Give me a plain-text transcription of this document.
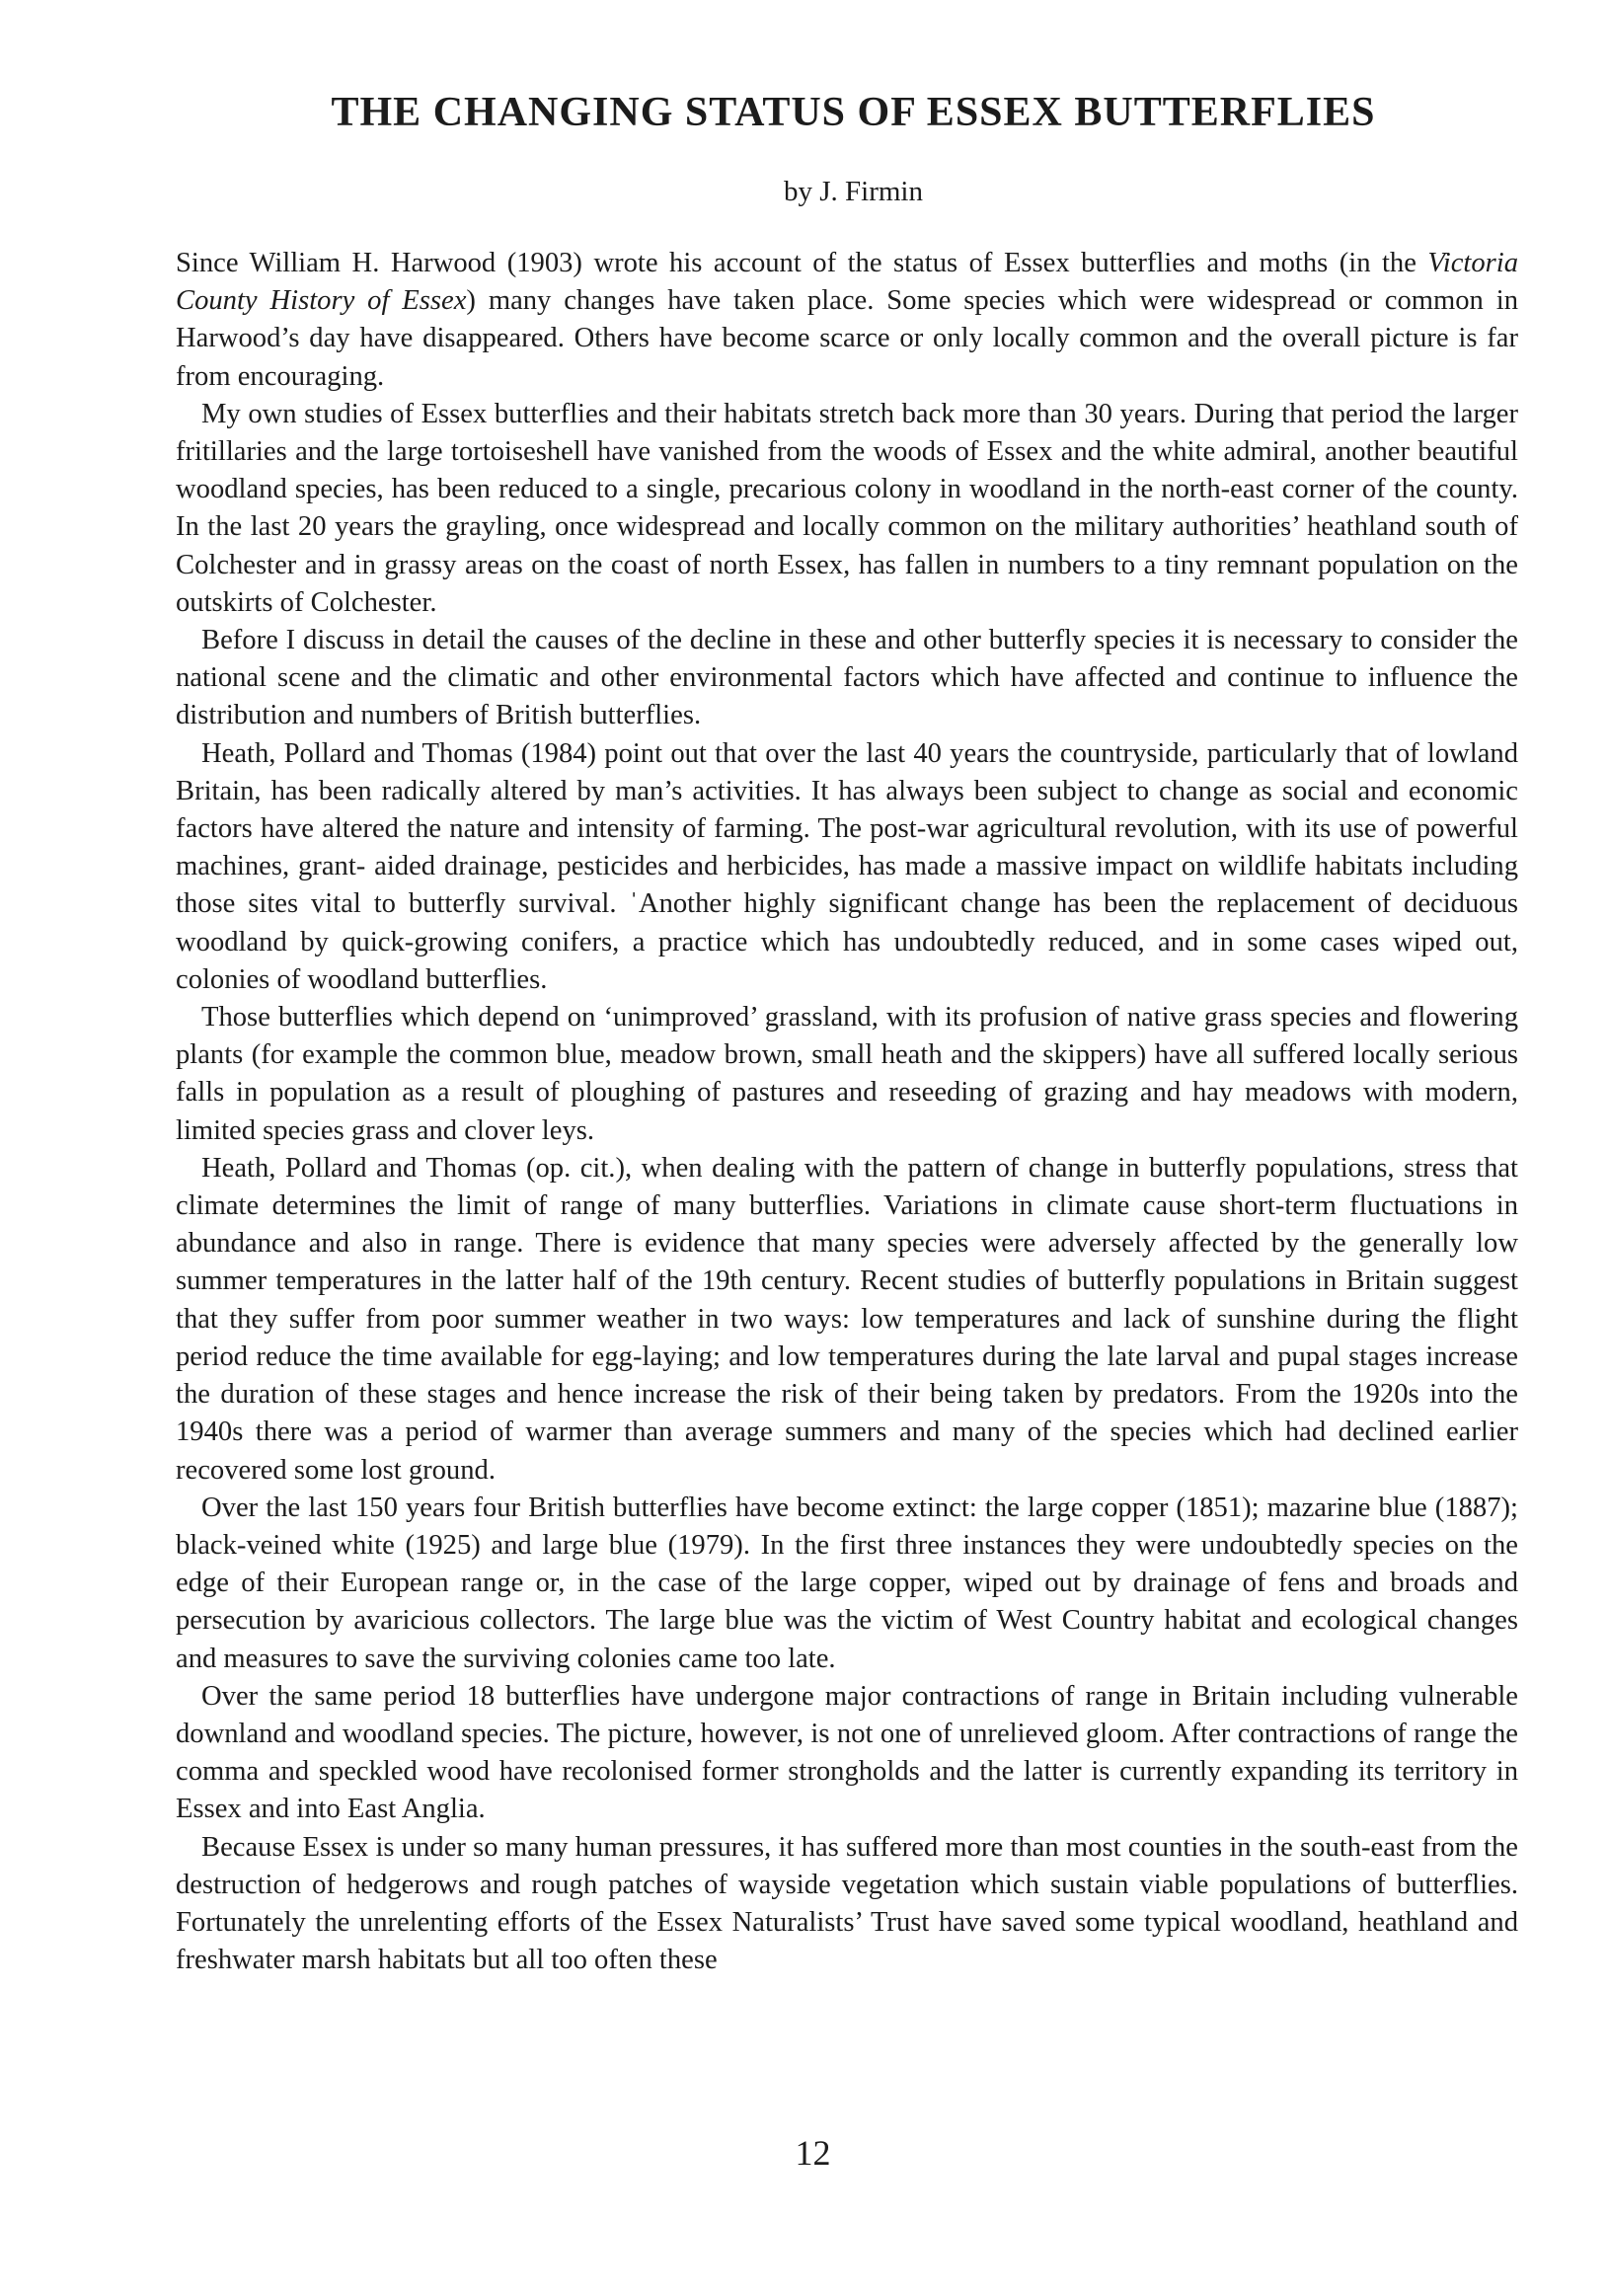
THE CHANGING STATUS OF ESSEX BUTTERFLIES
by J. Firmin

Since William H. Harwood (1903) wrote his account of the status of Essex butterflies and moths (in the Victoria County History of Essex) many changes have taken place. Some species which were widespread or common in Harwood’s day have disappeared. Others have become scarce or only locally common and the overall picture is far from encouraging.

My own studies of Essex butterflies and their habitats stretch back more than 30 years. During that period the larger fritillaries and the large tortoiseshell have vanished from the woods of Essex and the white admiral, another beautiful woodland species, has been reduced to a single, precarious colony in woodland in the north-east corner of the county. In the last 20 years the grayling, once widespread and locally common on the military authorities’ heathland south of Colchester and in grassy areas on the coast of north Essex, has fallen in numbers to a tiny remnant population on the outskirts of Colchester.

Before I discuss in detail the causes of the decline in these and other butterfly species it is necessary to consider the national scene and the climatic and other environmental factors which have affected and continue to influence the distribution and numbers of British butterflies.

Heath, Pollard and Thomas (1984) point out that over the last 40 years the countryside, particularly that of lowland Britain, has been radically altered by man’s activities. It has always been subject to change as social and economic factors have altered the nature and intensity of farming. The post-war agricultural revolution, with its use of powerful machines, grant- aided drainage, pesticides and herbicides, has made a massive impact on wildlife habitats including those sites vital to butterfly survival. ˈAnother highly significant change has been the replacement of deciduous woodland by quick-growing conifers, a practice which has undoubtedly reduced, and in some cases wiped out, colonies of woodland butterflies.

Those butterflies which depend on ‘unimproved’ grassland, with its profusion of native grass species and flowering plants (for example the common blue, meadow brown, small heath and the skippers) have all suffered locally serious falls in population as a result of ploughing of pastures and reseeding of grazing and hay meadows with modern, limited species grass and clover leys.

Heath, Pollard and Thomas (op. cit.), when dealing with the pattern of change in butterfly populations, stress that climate determines the limit of range of many butterflies. Variations in climate cause short-term fluctuations in abundance and also in range. There is evidence that many species were adversely affected by the generally low summer temperatures in the latter half of the 19th century. Recent studies of butterfly populations in Britain suggest that they suffer from poor summer weather in two ways: low temperatures and lack of sunshine during the flight period reduce the time available for egg-laying; and low temperatures during the late larval and pupal stages increase the duration of these stages and hence increase the risk of their being taken by predators. From the 1920s into the 1940s there was a period of warmer than average summers and many of the species which had declined earlier recovered some lost ground.

Over the last 150 years four British butterflies have become extinct: the large copper (1851); mazarine blue (1887); black-veined white (1925) and large blue (1979). In the first three instances they were undoubtedly species on the edge of their European range or, in the case of the large copper, wiped out by drainage of fens and broads and persecution by avaricious collectors. The large blue was the victim of West Country habitat and ecological changes and measures to save the surviving colonies came too late.

Over the same period 18 butterflies have undergone major contractions of range in Britain including vulnerable downland and woodland species. The picture, however, is not one of unrelieved gloom. After contractions of range the comma and speckled wood have recolonised former strongholds and the latter is currently expanding its territory in Essex and into East Anglia.

Because Essex is under so many human pressures, it has suffered more than most counties in the south-east from the destruction of hedgerows and rough patches of wayside vegetation which sustain viable populations of butterflies. Fortunately the unrelenting efforts of the Essex Naturalists’ Trust have saved some typical woodland, heathland and freshwater marsh habitats but all too often these

12
